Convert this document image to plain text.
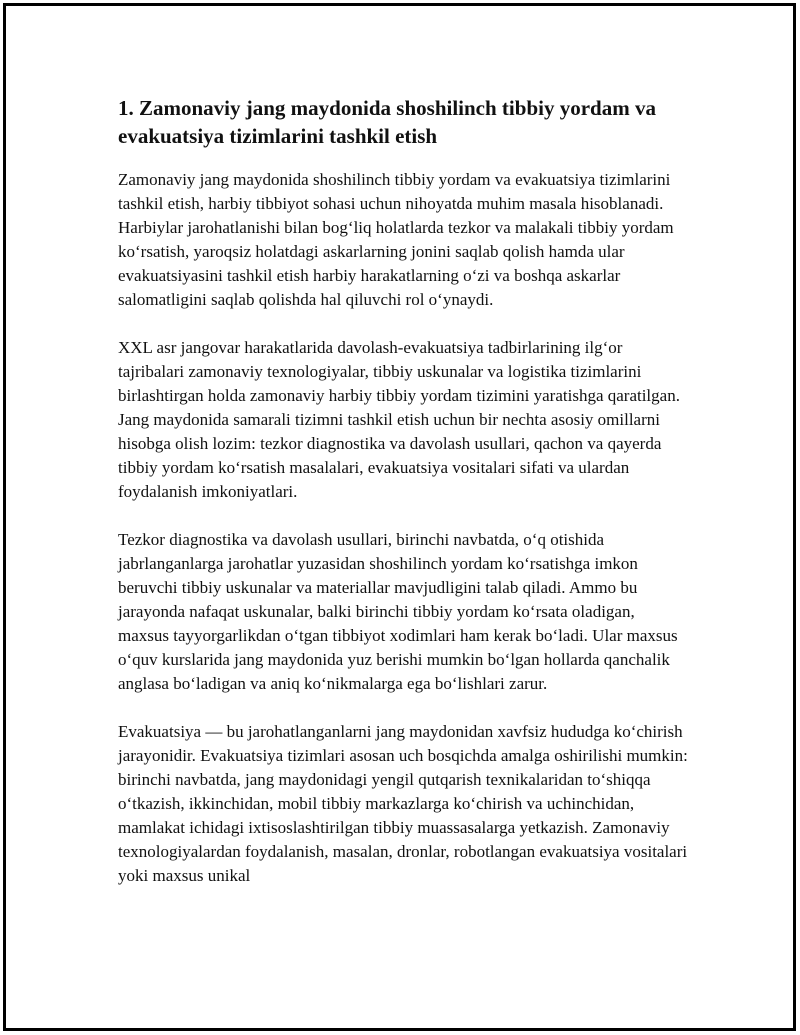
1. Zamonaviy jang maydonida shoshilinch tibbiy yordam va evakuatsiya tizimlarini tashkil etish

Zamonaviy jang maydonida shoshilinch tibbiy yordam va evakuatsiya tizimlarini tashkil etish, harbiy tibbiyot sohasi uchun nihoyatda muhim masala hisoblanadi. Harbiylar jarohatlanishi bilan bog‘liq holatlarda tezkor va malakali tibbiy yordam ko‘rsatish, yaroqsiz holatdagi askarlarning jonini saqlab qolish hamda ular evakuatsiyasini tashkil etish harbiy harakatlarning o‘zi va boshqa askarlar salomatligini saqlab qolishda hal qiluvchi rol o‘ynaydi.

XXL asr jangovar harakatlarida davolash-evakuatsiya tadbirlarining ilg‘or tajribalari zamonaviy texnologiyalar, tibbiy uskunalar va logistika tizimlarini birlashtirgan holda zamonaviy harbiy tibbiy yordam tizimini yaratishga qaratilgan. Jang maydonida samarali tizimni tashkil etish uchun bir nechta asosiy omillarni hisobga olish lozim: tezkor diagnostika va davolash usullari, qachon va qayerda tibbiy yordam ko‘rsatish masalalari, evakuatsiya vositalari sifati va ulardan foydalanish imkoniyatlari.

Tezkor diagnostika va davolash usullari, birinchi navbatda, o‘q otishida jabrlanganlarga jarohatlar yuzasidan shoshilinch yordam ko‘rsatishga imkon beruvchi tibbiy uskunalar va materiallar mavjudligini talab qiladi. Ammo bu jarayonda nafaqat uskunalar, balki birinchi tibbiy yordam ko‘rsata oladigan, maxsus tayyorgarlikdan o‘tgan tibbiyot xodimlari ham kerak bo‘ladi. Ular maxsus o‘quv kurslarida jang maydonida yuz berishi mumkin bo‘lgan hollarda qanchalik anglasa bo‘ladigan va aniq ko‘nikmalarga ega bo‘lishlari zarur.

Evakuatsiya — bu jarohatlanganlarni jang maydonidan xavfsiz hududga ko‘chirish jarayonidir. Evakuatsiya tizimlari asosan uch bosqichda amalga oshirilishi mumkin: birinchi navbatda, jang maydonidagi yengil qutqarish texnikalaridan to‘shiqqa o‘tkazish, ikkinchidan, mobil tibbiy markazlarga ko‘chirish va uchinchidan, mamlakat ichidagi ixtisoslashtirilgan tibbiy muassasalarga yetkazish. Zamonaviy texnologiyalardan foydalanish, masalan, dronlar, robotlangan evakuatsiya vositalari yoki maxsus unikal
